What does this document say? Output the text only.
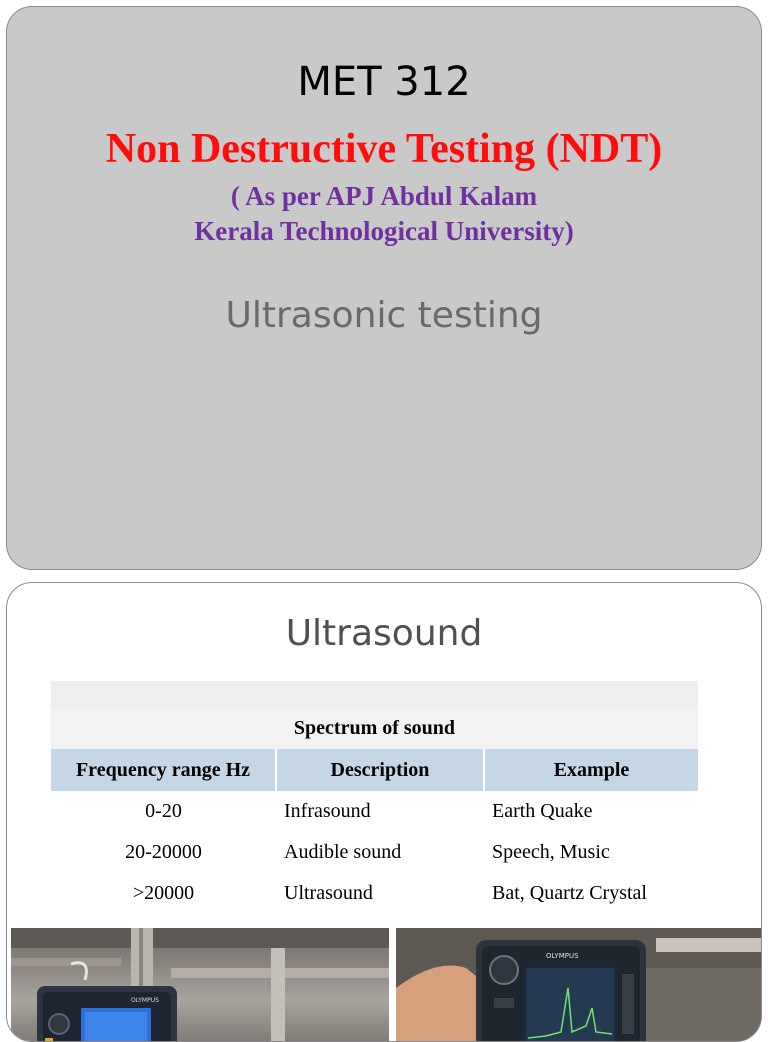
MET 312
Non Destructive Testing (NDT)
( As per APJ Abdul Kalam
Kerala Technological University)
Ultrasonic testing
Ultrasound

Spectrum of sound		
Frequency range Hz	Description	Example
0-20	Infrasound	Earth Quake
20-20000	Audible sound	Speech, Music
>20000	Ultrasound	Bat, Quartz Crystal
OLYMPUS
OLYMPUS
